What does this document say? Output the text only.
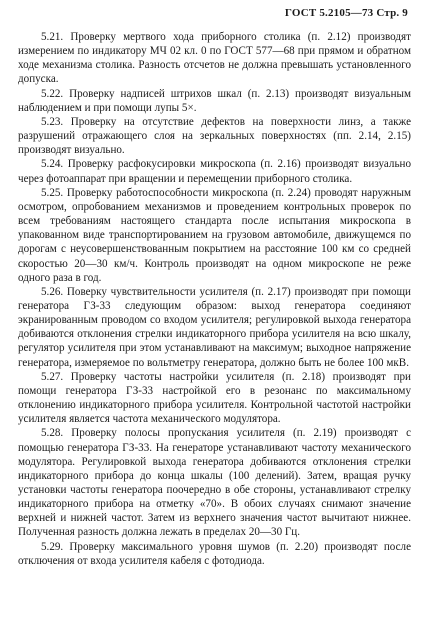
ГОСТ 5.2105—73 Стр. 9

5.21. Проверку мертвого хода приборного столика (п. 2.12) производят измерением по индикатору МЧ 02 кл. 0 по ГОСТ 577—68 при прямом и обратном ходе механизма столика. Разность отсчетов не должна превышать установленного допуска.

5.22. Проверку надписей штрихов шкал (п. 2.13) производят визуальным наблюдением и при помощи лупы 5×.

5.23. Проверку на отсутствие дефектов на поверхности линз, а также разрушений отражающего слоя на зеркальных поверхностях (пп. 2.14, 2.15) производят визуально.

5.24. Проверку расфокусировки микроскопа (п. 2.16) производят визуально через фотоаппарат при вращении и перемещении приборного столика.

5.25. Проверку работоспособности микроскопа (п. 2.24) проводят наружным осмотром, опробованием механизмов и проведением контрольных проверок по всем требованиям настоящего стандарта после испытания микроскопа в упакованном виде транспортированием на грузовом автомобиле, движущемся по дорогам с неусовершенствованным покрытием на расстояние 100 км со средней скоростью 20—30 км/ч. Контроль производят на одном микроскопе не реже одного раза в год.

5.26. Поверку чувствительности усилителя (п. 2.17) производят при помощи генератора ГЗ-33 следующим образом: выход генератора соединяют экранированным проводом со входом усилителя; регулировкой выхода генератора добиваются отклонения стрелки индикаторного прибора усилителя на всю шкалу, регулятор усилителя при этом устанавливают на максимум; выходное напряжение генератора, измеряемое по вольтметру генератора, должно быть не более 100 мкВ.

5.27. Проверку частоты настройки усилителя (п. 2.18) производят при помощи генератора ГЗ-33 настройкой его в резонанс по максимальному отклонению индикаторного прибора усилителя. Контрольной частотой настройки усилителя является частота механического модулятора.

5.28. Проверку полосы пропускания усилителя (п. 2.19) производят с помощью генератора ГЗ-33. На генераторе устанавливают частоту механического модулятора. Регулировкой выхода генератора добиваются отклонения стрелки индикаторного прибора до конца шкалы (100 делений). Затем, вращая ручку установки частоты генератора поочередно в обе стороны, устанавливают стрелку индикаторного прибора на отметку «70». В обоих случаях снимают значение верхней и нижней частот. Затем из верхнего значения частот вычитают нижнее. Полученная разность должна лежать в пределах 20—30 Гц.

5.29. Проверку максимального уровня шумов (п. 2.20) производят после отключения от входа усилителя кабеля с фотодиода.
